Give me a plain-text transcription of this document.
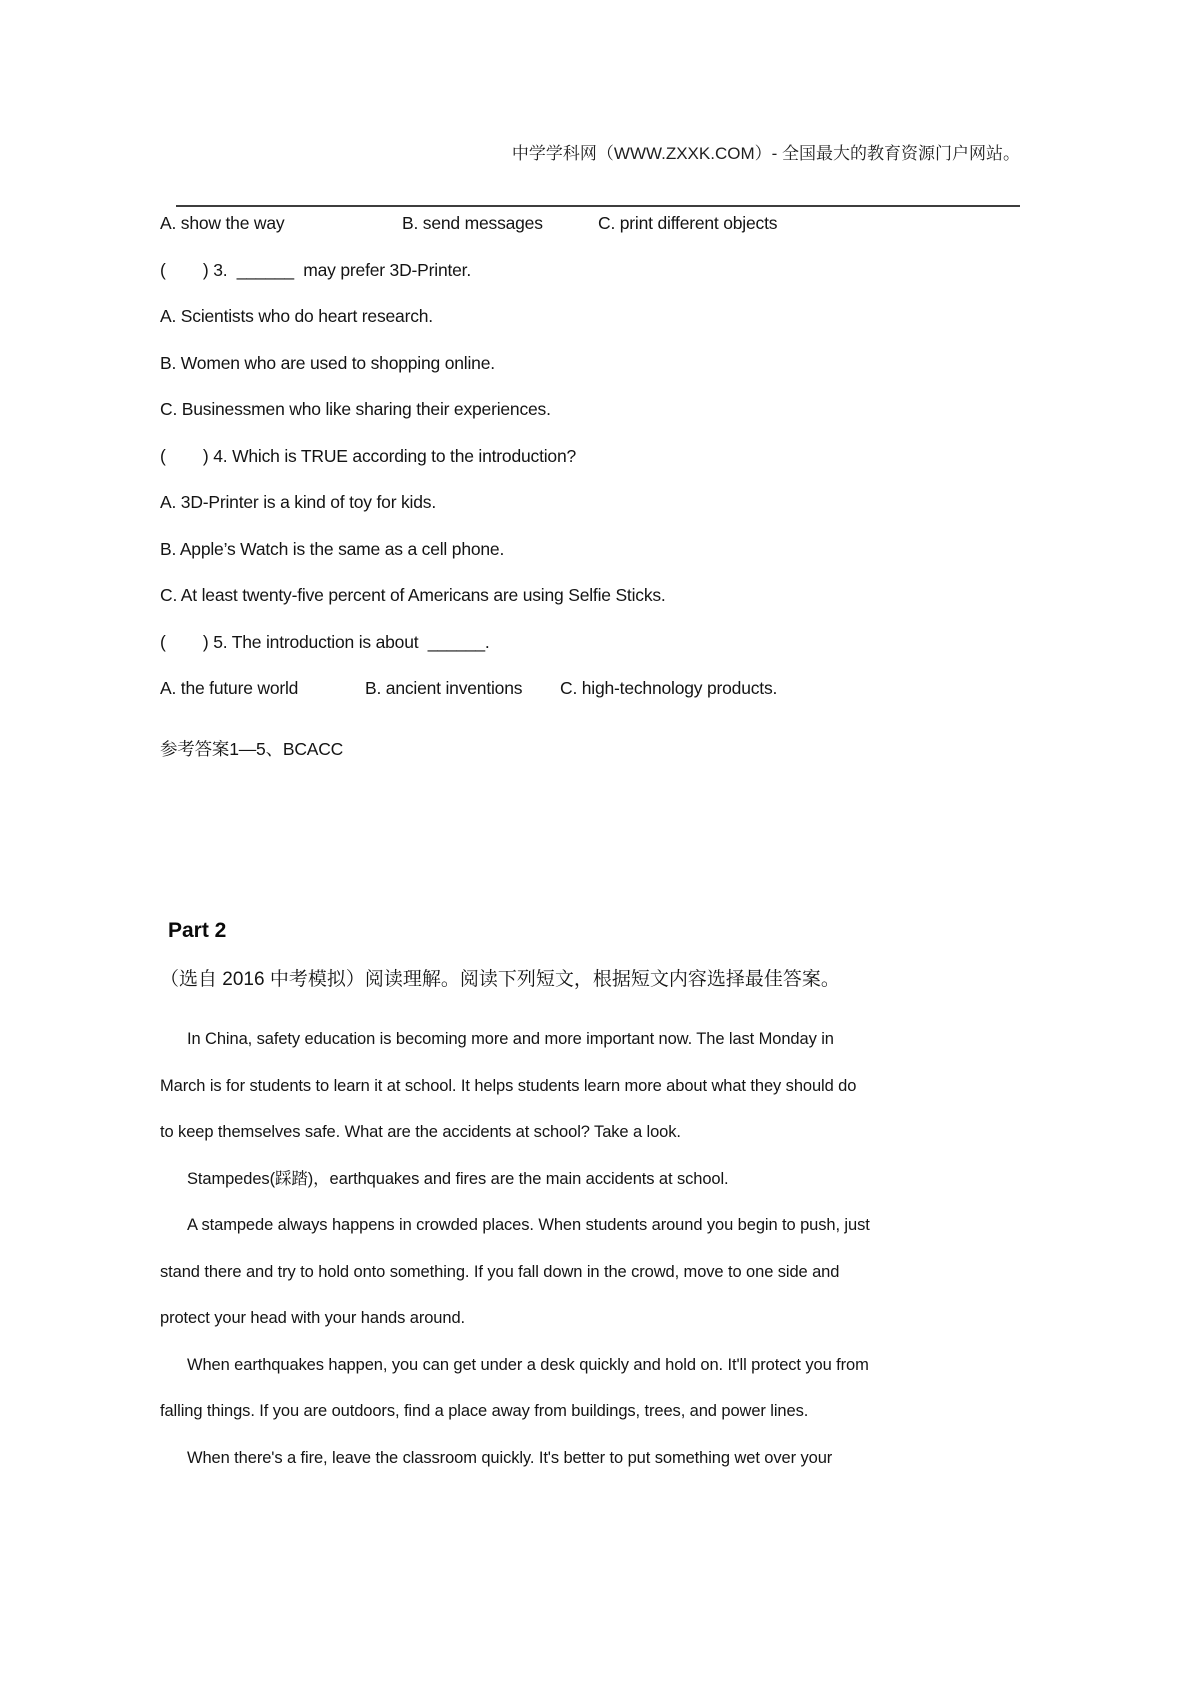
中学学科网（WWW.ZXXK.COM）- 全国最大的教育资源门户网站。

A. show the way	B. send messages	C. print different objects
(        ) 3.  ______  may prefer 3D-Printer.
A. Scientists who do heart research.
B. Women who are used to shopping online.
C. Businessmen who like sharing their experiences.
(        ) 4. Which is TRUE according to the introduction?
A. 3D-Printer is a kind of toy for kids.
B. Apple’s Watch is the same as a cell phone.
C. At least twenty-five percent of Americans are using Selfie Sticks.
(        ) 5. The introduction is about  ______.
A. the future world	B. ancient inventions	C. high-technology products.
参考答案1—5、BCACC
Part 2
（选自 2016 中考模拟）阅读理解。阅读下列短文，根据短文内容选择最佳答案。
In China, safety education is becoming more and more important now. The last Monday in
March is for students to learn it at school. It helps students learn more about what they should do
to keep themselves safe. What are the accidents at school? Take a look.
Stampedes(踩踏)，earthquakes and fires are the main accidents at school.
A stampede always happens in crowded places. When students around you begin to push, just
stand there and try to hold onto something. If you fall down in the crowd, move to one side and
protect your head with your hands around.
When earthquakes happen, you can get under a desk quickly and hold on. It'll protect you from
falling things. If you are outdoors, find a place away from buildings, trees, and power lines.
When there's a fire, leave the classroom quickly. It's better to put something wet over your
